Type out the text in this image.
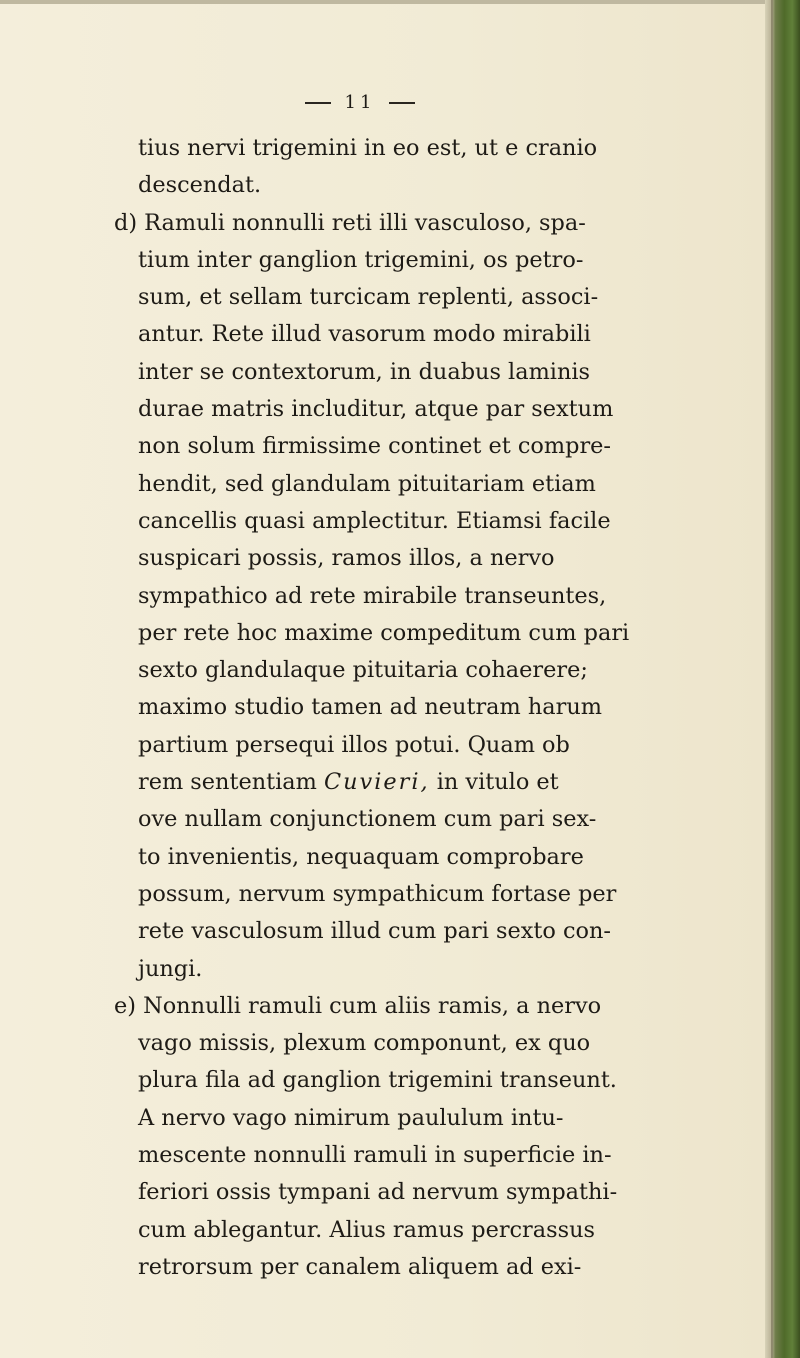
11
tius nervi trigemini in eo est, ut e cranio
descendat.
d) Ramuli nonnulli reti illi vasculoso, spa-
tium inter ganglion trigemini, os petro-
sum, et sellam turcicam replenti, associ-
antur. Rete illud vasorum modo mirabili
inter se contextorum, in duabus laminis
durae matris includitur, atque par sextum
non solum firmissime continet et compre-
hendit, sed glandulam pituitariam etiam
cancellis quasi amplectitur. Etiamsi facile
suspicari possis, ramos illos, a nervo
sympathico ad rete mirabile transeuntes,
per rete hoc maxime compeditum cum pari
sexto glandulaque pituitaria cohaerere;
maximo studio tamen ad neutram harum
partium persequi illos potui. Quam ob
rem sententiam Cuvieri, in vitulo et
ove nullam conjunctionem cum pari sex-
to invenientis, nequaquam comprobare
possum, nervum sympathicum fortase per
rete vasculosum illud cum pari sexto con-
jungi.
e) Nonnulli ramuli cum aliis ramis, a nervo
vago missis, plexum componunt, ex quo
plura fila ad ganglion trigemini transeunt.
A nervo vago nimirum paululum intu-
mescente nonnulli ramuli in superficie in-
feriori ossis tympani ad nervum sympathi-
cum ablegantur. Alius ramus percrassus
retrorsum per canalem aliquem ad exi-
